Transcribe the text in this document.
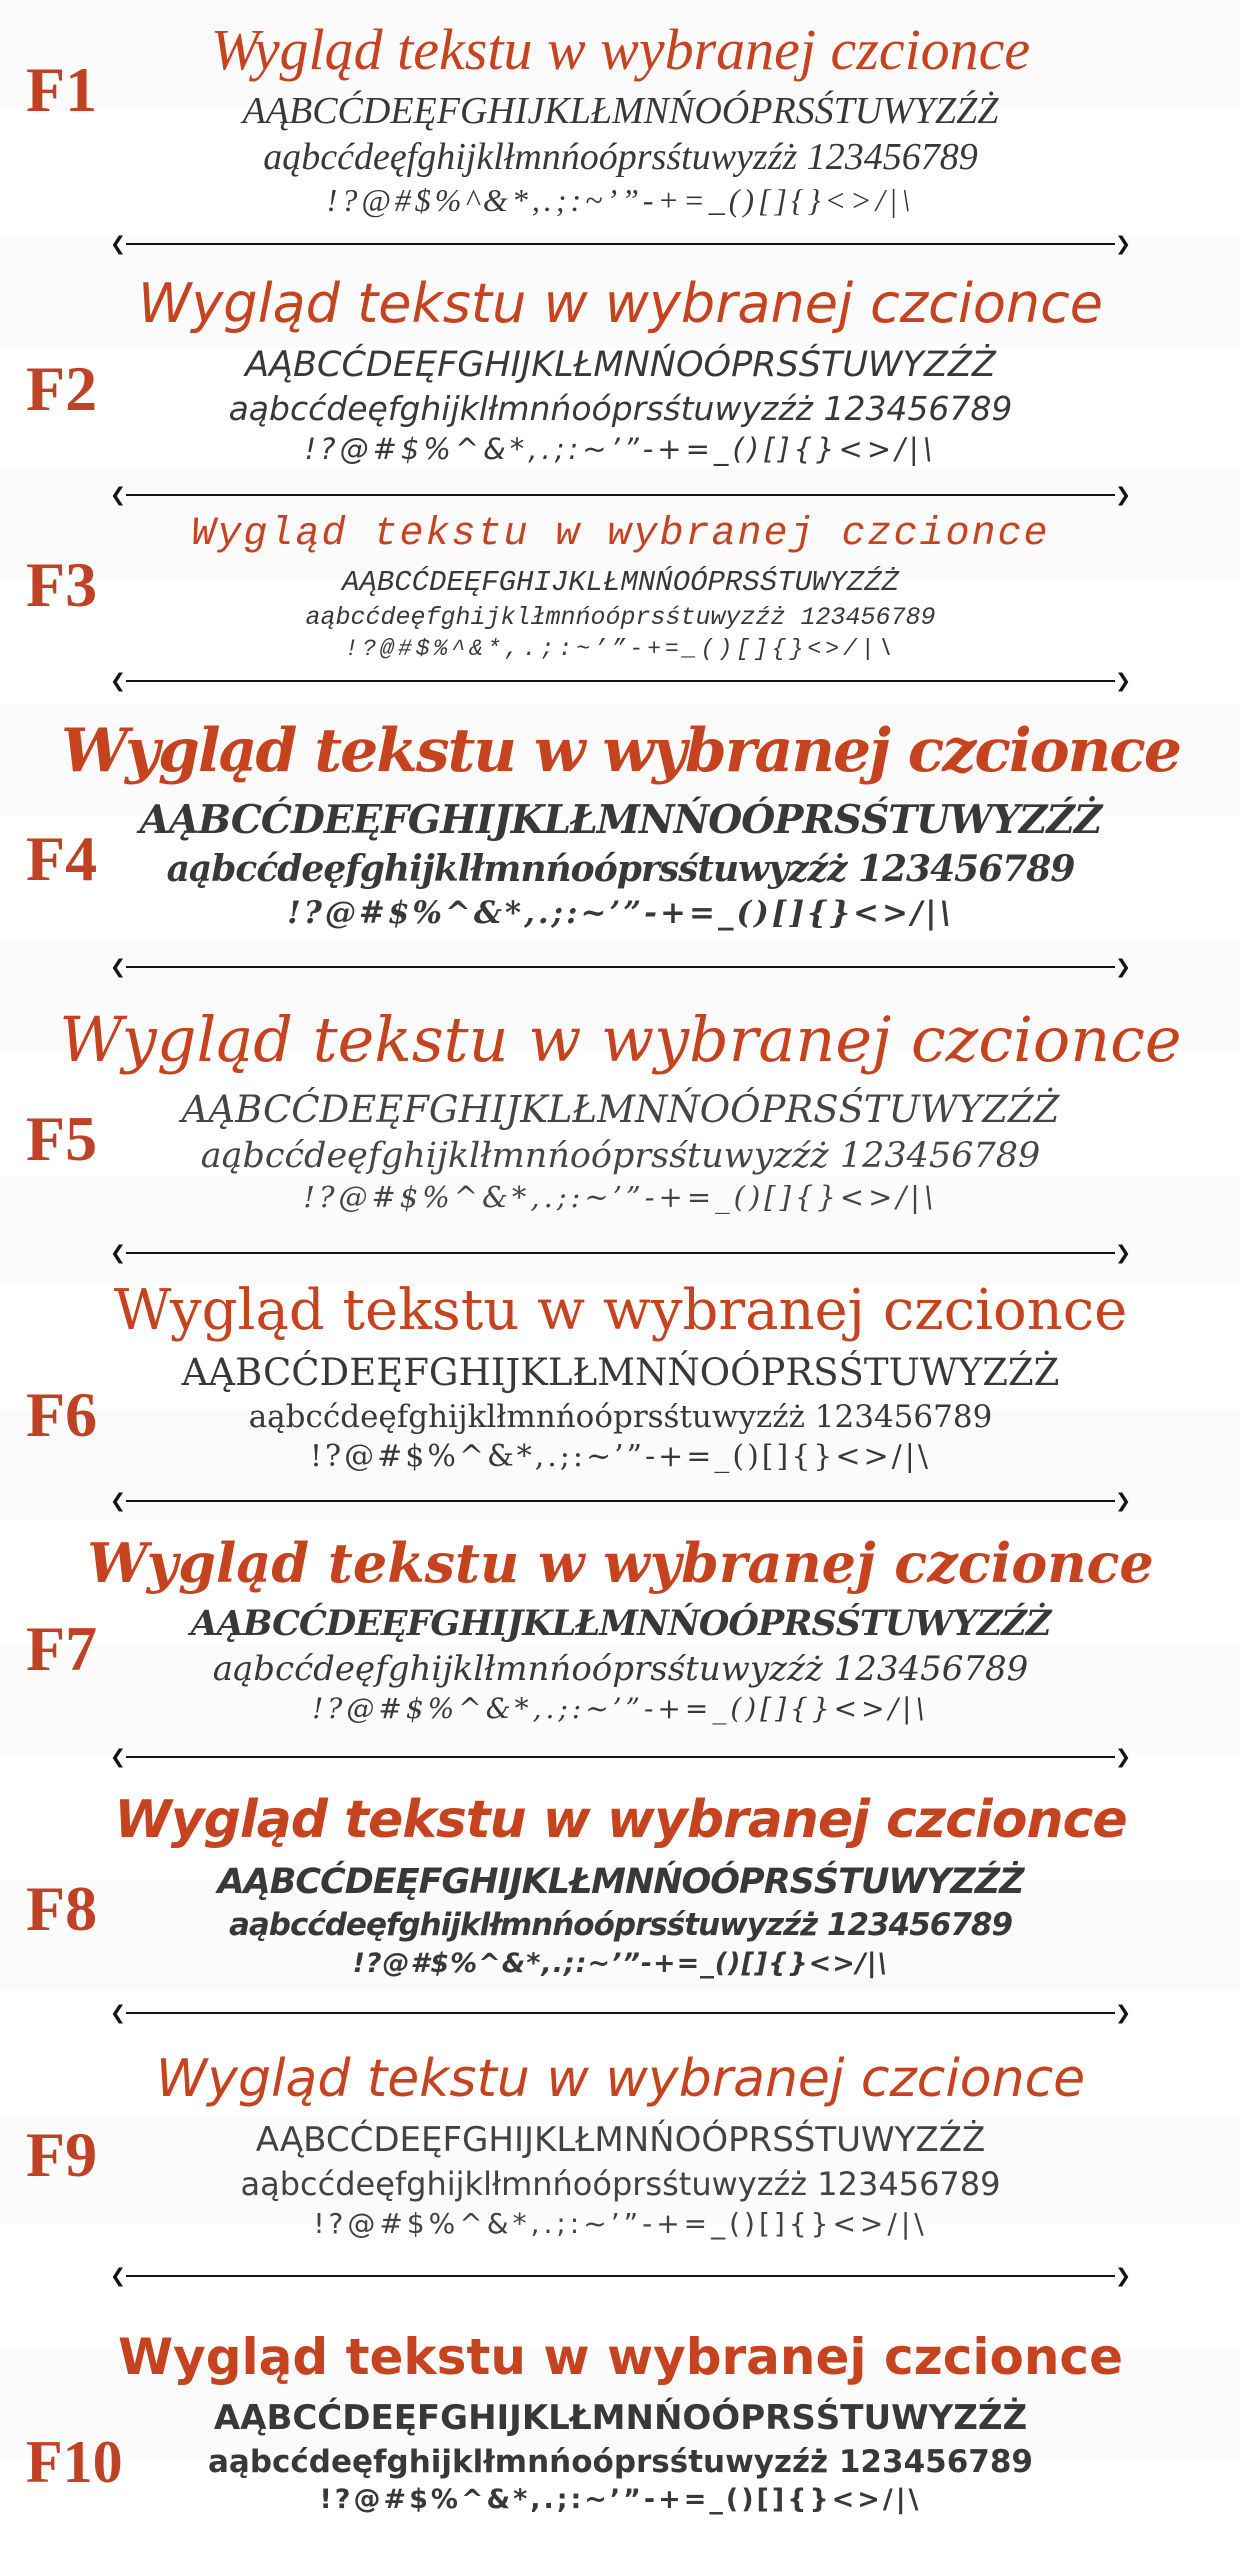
F1
Wygląd tekstu w wybranej czcionce
AĄBCĆDEĘFGHIJKLŁMNŃOÓPRSŚTUWYZŹŻ
aąbcćdeęfghijklłmnńoóprsśtuwyzźż 123456789
!?@#$%^&*,.;:~’”-+=_()[]{}<>/|\
❮	❯
F2
Wygląd tekstu w wybranej czcionce
AĄBCĆDEĘFGHIJKLŁMNŃOÓPRSŚTUWYZŹŻ
aąbcćdeęfghijklłmnńoóprsśtuwyzźż 123456789
!?@#$%^&*,.;:~’”-+=_()[]{}<>/|\
❮	❯
F3
Wygląd tekstu w wybranej czcionce
AĄBCĆDEĘFGHIJKLŁMNŃOÓPRSŚTUWYZŹŻ
aąbcćdeęfghijklłmnńoóprsśtuwyzźż 123456789
!?@#$%^&*,.;:~’”-+=_()[]{}<>/|\
❮	❯
F4
Wygląd tekstu w wybranej czcionce
AĄBCĆDEĘFGHIJKLŁMNŃOÓPRSŚTUWYZŹŻ
aąbcćdeęfghijklłmnńoóprsśtuwyzźż 123456789
!?@#$%^&*,.;:~’”-+=_()[]{}<>/|\
❮	❯
F5
Wygląd tekstu w wybranej czcionce
AĄBCĆDEĘFGHIJKLŁMNŃOÓPRSŚTUWYZŹŻ
aąbcćdeęfghijklłmnńoóprsśtuwyzźż 123456789
!?@#$%^&*,.;:~’”-+=_()[]{}<>/|\
❮	❯
F6
Wygląd tekstu w wybranej czcionce
AĄBCĆDEĘFGHIJKLŁMNŃOÓPRSŚTUWYZŹŻ
aąbcćdeęfghijklłmnńoóprsśtuwyzźż 123456789
!?@#$%^&*,.;:~’”-+=_()[]{}<>/|\
❮	❯
F7
Wygląd tekstu w wybranej czcionce
AĄBCĆDEĘFGHIJKLŁMNŃOÓPRSŚTUWYZŹŻ
aąbcćdeęfghijklłmnńoóprsśtuwyzźż 123456789
!?@#$%^&*,.;:~’”-+=_()[]{}<>/|\
❮	❯
F8
Wygląd tekstu w wybranej czcionce
AĄBCĆDEĘFGHIJKLŁMNŃOÓPRSŚTUWYZŹŻ
aąbcćdeęfghijklłmnńoóprsśtuwyzźż 123456789
!?@#$%^&*,.;:~’”-+=_()[]{}<>/|\
❮	❯
F9
Wygląd tekstu w wybranej czcionce
AĄBCĆDEĘFGHIJKLŁMNŃOÓPRSŚTUWYZŹŻ
aąbcćdeęfghijklłmnńoóprsśtuwyzźż 123456789
!?@#$%^&*,.;:~’”-+=_()[]{}<>/|\
❮	❯
F10
Wygląd tekstu w wybranej czcionce
AĄBCĆDEĘFGHIJKLŁMNŃOÓPRSŚTUWYZŹŻ
aąbcćdeęfghijklłmnńoóprsśtuwyzźż 123456789
!?@#$%^&*,.;:~’”-+=_()[]{}<>/|\
